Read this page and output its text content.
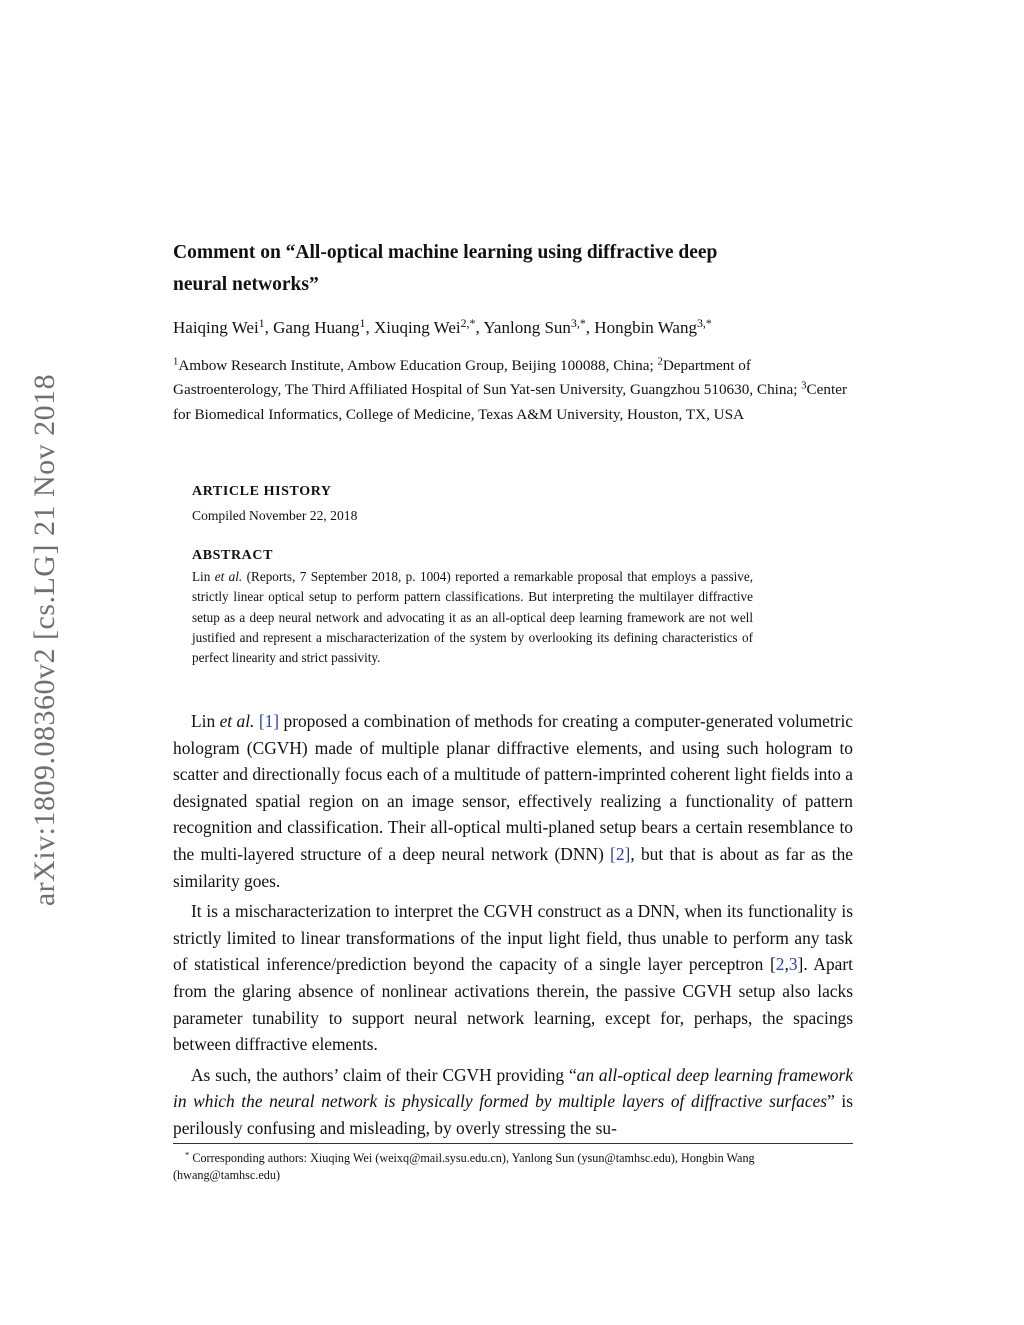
arXiv:1809.08360v2 [cs.LG] 21 Nov 2018
Comment on “All-optical machine learning using diffractive deep
neural networks”
Haiqing Wei$^1$, Gang Huang$^1$, Xiuqing Wei$^{2,*}$, Yanlong Sun$^{3,*}$, Hongbin Wang$^{3,*}$
$^1$Ambow Research Institute, Ambow Education Group, Beijing 100088, China; $^2$Department of Gastroenterology, The Third Affiliated Hospital of Sun Yat-sen University, Guangzhou 510630, China; $^3$Center for Biomedical Informatics, College of Medicine, Texas A&M University, Houston, TX, USA
ARTICLE HISTORY
Compiled November 22, 2018
ABSTRACT
Lin et al. (Reports, 7 September 2018, p. 1004) reported a remarkable proposal that employs a passive, strictly linear optical setup to perform pattern classifications. But interpreting the multilayer diffractive setup as a deep neural network and advocating it as an all-optical deep learning framework are not well justified and represent a mischaracterization of the system by overlooking its defining characteristics of perfect linearity and strict passivity.

Lin et al. [1] proposed a combination of methods for creating a computer-generated volumetric hologram (CGVH) made of multiple planar diffractive elements, and using such hologram to scatter and directionally focus each of a multitude of pattern-imprinted coherent light fields into a designated spatial region on an image sensor, effectively realizing a functionality of pattern recognition and classification. Their all-optical multi-planed setup bears a certain resemblance to the multi-layered structure of a deep neural network (DNN) [2], but that is about as far as the similarity goes.

It is a mischaracterization to interpret the CGVH construct as a DNN, when its functionality is strictly limited to linear transformations of the input light field, thus unable to perform any task of statistical inference/prediction beyond the capacity of a single layer perceptron [2,3]. Apart from the glaring absence of nonlinear activations therein, the passive CGVH setup also lacks parameter tunability to support neural network learning, except for, perhaps, the spacings between diffractive elements.

As such, the authors’ claim of their CGVH providing “an all-optical deep learning framework in which the neural network is physically formed by multiple layers of diffractive surfaces” is perilously confusing and misleading, by overly stressing the su-

* Corresponding authors: Xiuqing Wei (weixq@mail.sysu.edu.cn), Yanlong Sun (ysun@tamhsc.edu), Hongbin Wang (hwang@tamhsc.edu)
